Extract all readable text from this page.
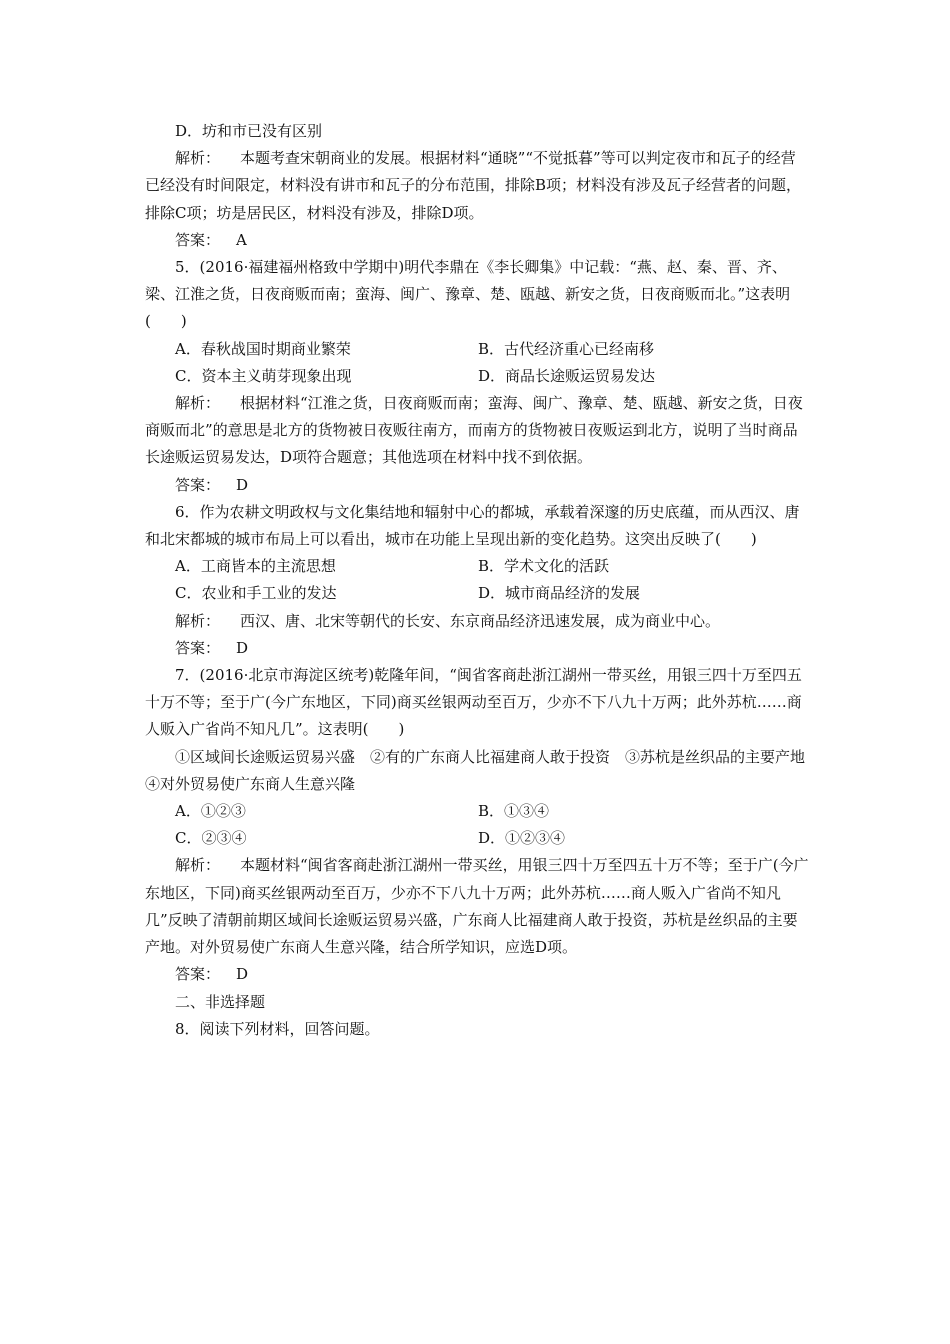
D．坊和市已没有区别

解析： 本题考查宋朝商业的发展。根据材料“通晓”“不觉抵暮”等可以判定夜市和瓦子的经营已经没有时间限定，材料没有讲市和瓦子的分布范围，排除B项；材料没有涉及瓦子经营者的问题，排除C项；坊是居民区，材料没有涉及，排除D项。

答案： A

5．(2016·福建福州格致中学期中)明代李鼎在《李长卿集》中记载：“燕、赵、秦、晋、齐、梁、江淮之货，日夜商贩而南；蛮海、闽广、豫章、楚、瓯越、新安之货，日夜商贩而北。”这表明(　　)

A．春秋战国时期商业繁荣	B．古代经济重心已经南移
C．资本主义萌芽现象出现	D．商品长途贩运贸易发达

解析： 根据材料“江淮之货，日夜商贩而南；蛮海、闽广、豫章、楚、瓯越、新安之货，日夜商贩而北”的意思是北方的货物被日夜贩往南方，而南方的货物被日夜贩运到北方，说明了当时商品长途贩运贸易发达，D项符合题意；其他选项在材料中找不到依据。

答案： D

6．作为农耕文明政权与文化集结地和辐射中心的都城，承载着深邃的历史底蕴，而从西汉、唐和北宋都城的城市布局上可以看出，城市在功能上呈现出新的变化趋势。这突出反映了(　　)

A．工商皆本的主流思想	B．学术文化的活跃
C．农业和手工业的发达	D．城市商品经济的发展

解析： 西汉、唐、北宋等朝代的长安、东京商品经济迅速发展，成为商业中心。

答案： D

7．(2016·北京市海淀区统考)乾隆年间，“闽省客商赴浙江湖州一带买丝，用银三四十万至四五十万不等；至于广(今广东地区，下同)商买丝银两动至百万，少亦不下八九十万两；此外苏杭……商人贩入广省尚不知凡几”。这表明(　　)

①区域间长途贩运贸易兴盛　②有的广东商人比福建商人敢于投资　③苏杭是丝织品的主要产地　④对外贸易使广东商人生意兴隆

A．①②③	B．①③④
C．②③④	D．①②③④

解析： 本题材料“闽省客商赴浙江湖州一带买丝，用银三四十万至四五十万不等；至于广(今广东地区，下同)商买丝银两动至百万，少亦不下八九十万两；此外苏杭……商人贩入广省尚不知凡几”反映了清朝前期区域间长途贩运贸易兴盛，广东商人比福建商人敢于投资，苏杭是丝织品的主要产地。对外贸易使广东商人生意兴隆，结合所学知识，应选D项。

答案： D

二、非选择题

8．阅读下列材料，回答问题。
